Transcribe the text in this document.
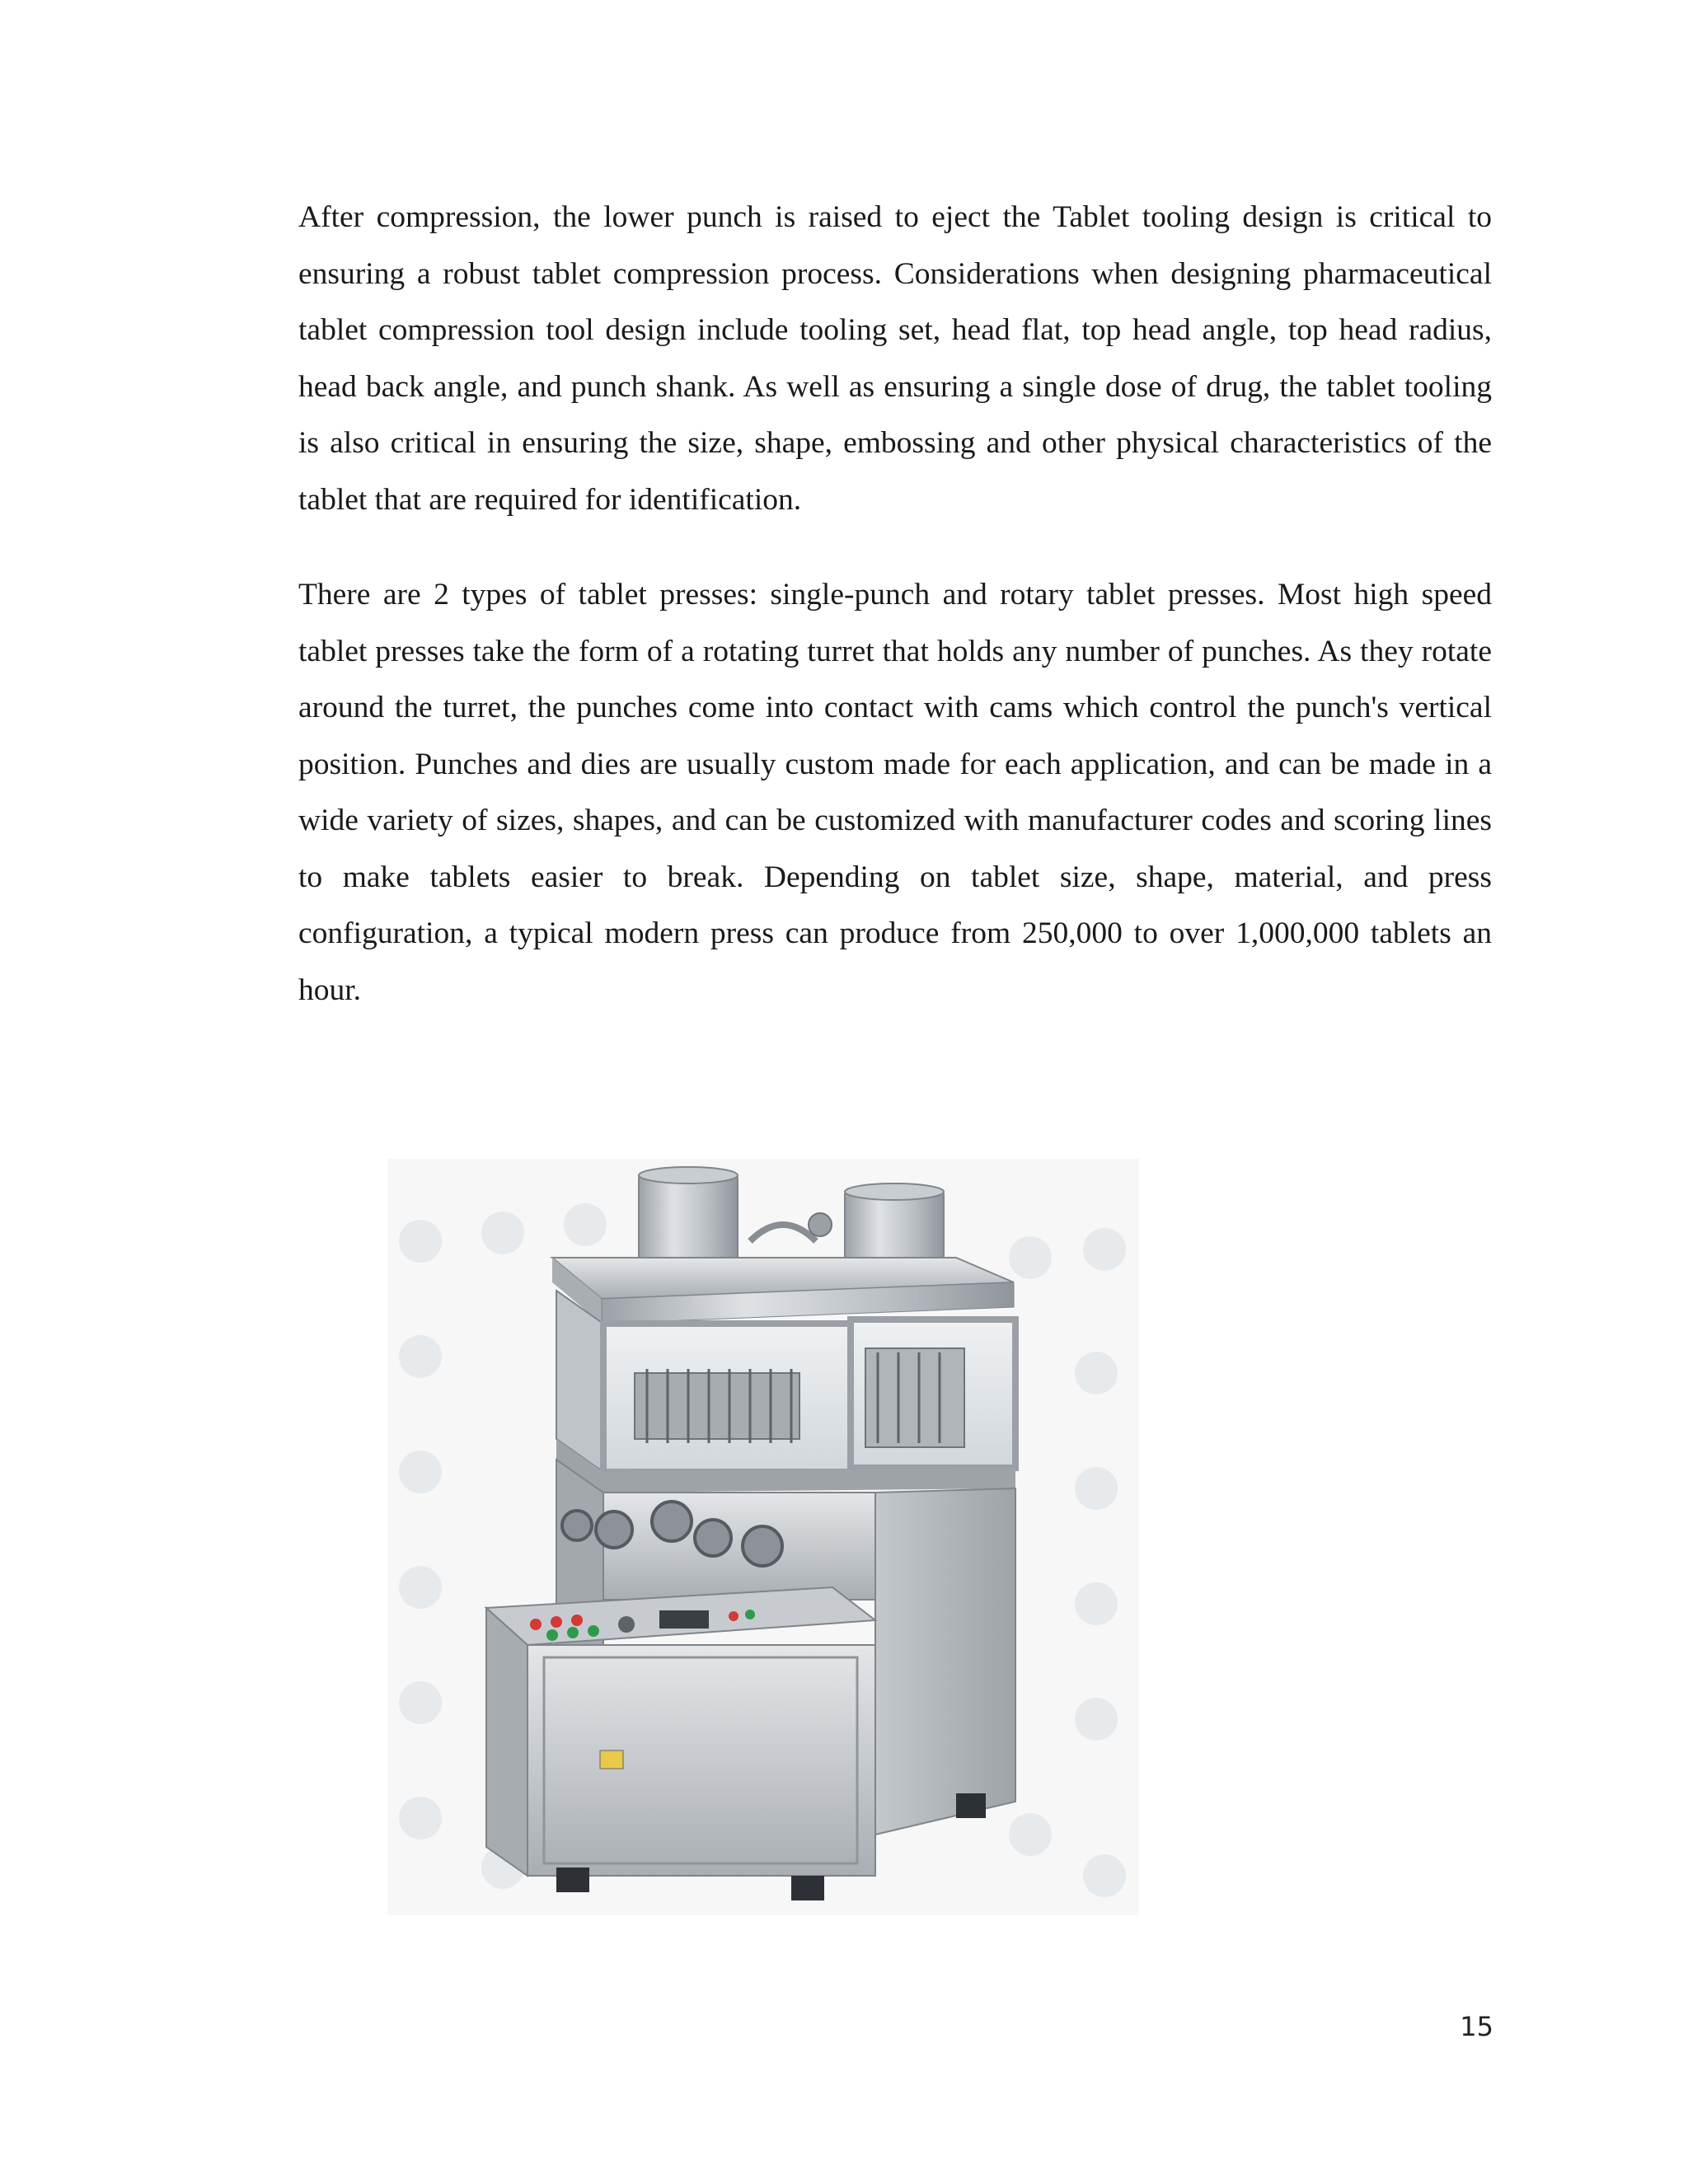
After compression, the lower punch is raised to eject the Tablet tooling design is critical to ensuring a robust tablet compression process. Considerations when designing pharmaceutical tablet compression tool design include tooling set, head flat, top head angle, top head radius, head back angle, and punch shank. As well as ensuring a single dose of drug, the tablet tooling is also critical in ensuring the size, shape, embossing and other physical characteristics of the tablet that are required for identification.

There are 2 types of tablet presses: single-punch and rotary tablet presses. Most high speed tablet presses take the form of a rotating turret that holds any number of punches. As they rotate around the turret, the punches come into contact with cams which control the punch's vertical position. Punches and dies are usually custom made for each application, and can be made in a wide variety of sizes, shapes, and can be customized with manufacturer codes and scoring lines to make tablets easier to break. Depending on tablet size, shape, material, and press configuration, a typical modern press can produce from 250,000 to over 1,000,000 tablets an hour.

15
